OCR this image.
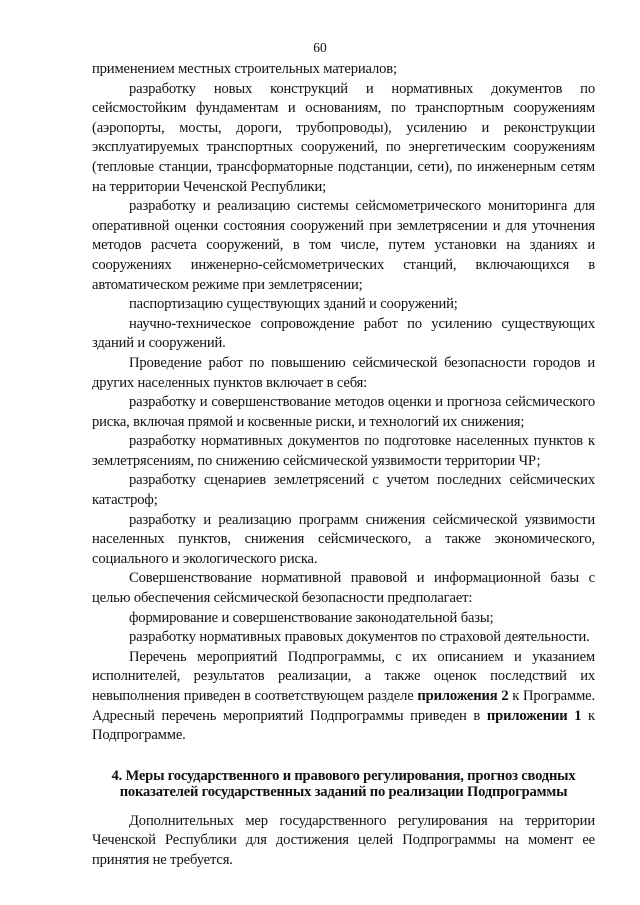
60

применением местных строительных материалов;

разработку новых конструкций и нормативных документов по сейсмостойким фундаментам и основаниям, по транспортным сооружениям (аэропорты, мосты, дороги, трубопроводы), усилению и реконструкции эксплуатируемых транспортных сооружений, по энергетическим сооружениям (тепловые станции, трансформаторные подстанции, сети), по инженерным сетям на территории Чеченской Республики;

разработку и реализацию системы сейсмометрического мониторинга для оперативной оценки состояния сооружений при землетрясении и для уточнения методов расчета сооружений, в том числе, путем установки на зданиях и сооружениях инженерно-сейсмометрических станций, включающихся в автоматическом режиме при землетрясении;

паспортизацию существующих зданий и сооружений;

научно-техническое сопровождение работ по усилению существующих зданий и сооружений.

Проведение работ по повышению сейсмической безопасности городов и других населенных пунктов включает в себя:

разработку и совершенствование методов оценки и прогноза сейсмического риска, включая прямой и косвенные риски, и технологий их снижения;

разработку нормативных документов по подготовке населенных пунктов к землетрясениям, по снижению сейсмической уязвимости территории ЧР;

разработку сценариев землетрясений с учетом последних сейсмических катастроф;

разработку и реализацию программ снижения сейсмической уязвимости населенных пунктов, снижения сейсмического, а также экономического, социального и экологического риска.

Совершенствование нормативной правовой и информационной базы с целью обеспечения сейсмической безопасности предполагает:

формирование и совершенствование законодательной базы;

разработку нормативных правовых документов по страховой деятельности.

Перечень мероприятий Подпрограммы, с их описанием и указанием исполнителей, результатов реализации, а также оценок последствий их невыполнения приведен в соответствующем разделе приложения 2 к Программе. Адресный перечень мероприятий Подпрограммы приведен в приложении 1 к Подпрограмме.

4. Меры государственного и правового регулирования, прогноз сводных показателей государственных заданий по реализации Подпрограммы

Дополнительных мер государственного регулирования на территории Чеченской Республики для достижения целей Подпрограммы на момент ее принятия не требуется.
